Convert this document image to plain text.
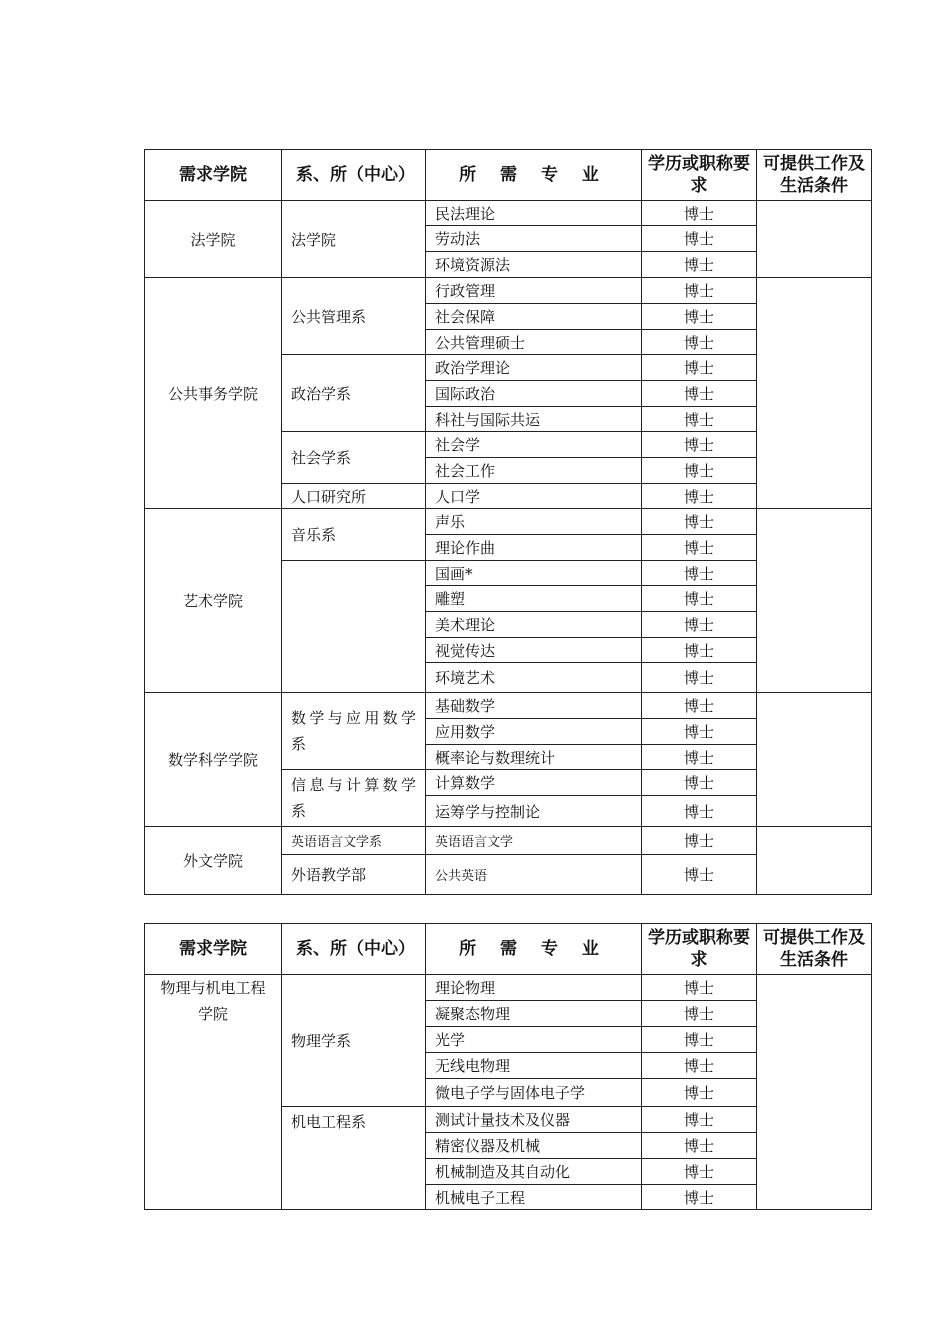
需求学院	系、所（中心）	所 需 专 业	学历或职称要求	可提供工作及生活条件
法学院	法学院	民法理论	博士	
		劳动法	博士	
		环境资源法	博士	
公共事务学院	公共管理系	行政管理	博士	
		社会保障	博士	
		公共管理硕士	博士	
	政治学系	政治学理论	博士	
		国际政治	博士	
		科社与国际共运	博士	
	社会学系	社会学	博士	
		社会工作	博士	
	人口研究所	人口学	博士	
艺术学院	音乐系	声乐	博士	
		理论作曲	博士	
		国画*	博士	
		雕塑	博士	
		美术理论	博士	
		视觉传达	博士	
		环境艺术	博士	
数学科学学院	数学与应用数学系	基础数学	博士	
		应用数学	博士	
		概率论与数理统计	博士	
	信息与计算数学系	计算数学	博士	
		运筹学与控制论	博士	
外文学院	英语语言文学系	英语语言文学	博士	
	外语教学部	公共英语	博士	
需求学院	系、所（中心）	所 需 专 业	学历或职称要求	可提供工作及生活条件
物理与机电工程学院	物理学系	理论物理	博士	
		凝聚态物理	博士	
		光学	博士	
		无线电物理	博士	
		微电子学与固体电子学	博士	
	机电工程系	测试计量技术及仪器	博士	
		精密仪器及机械	博士	
		机械制造及其自动化	博士	
		机械电子工程	博士	
